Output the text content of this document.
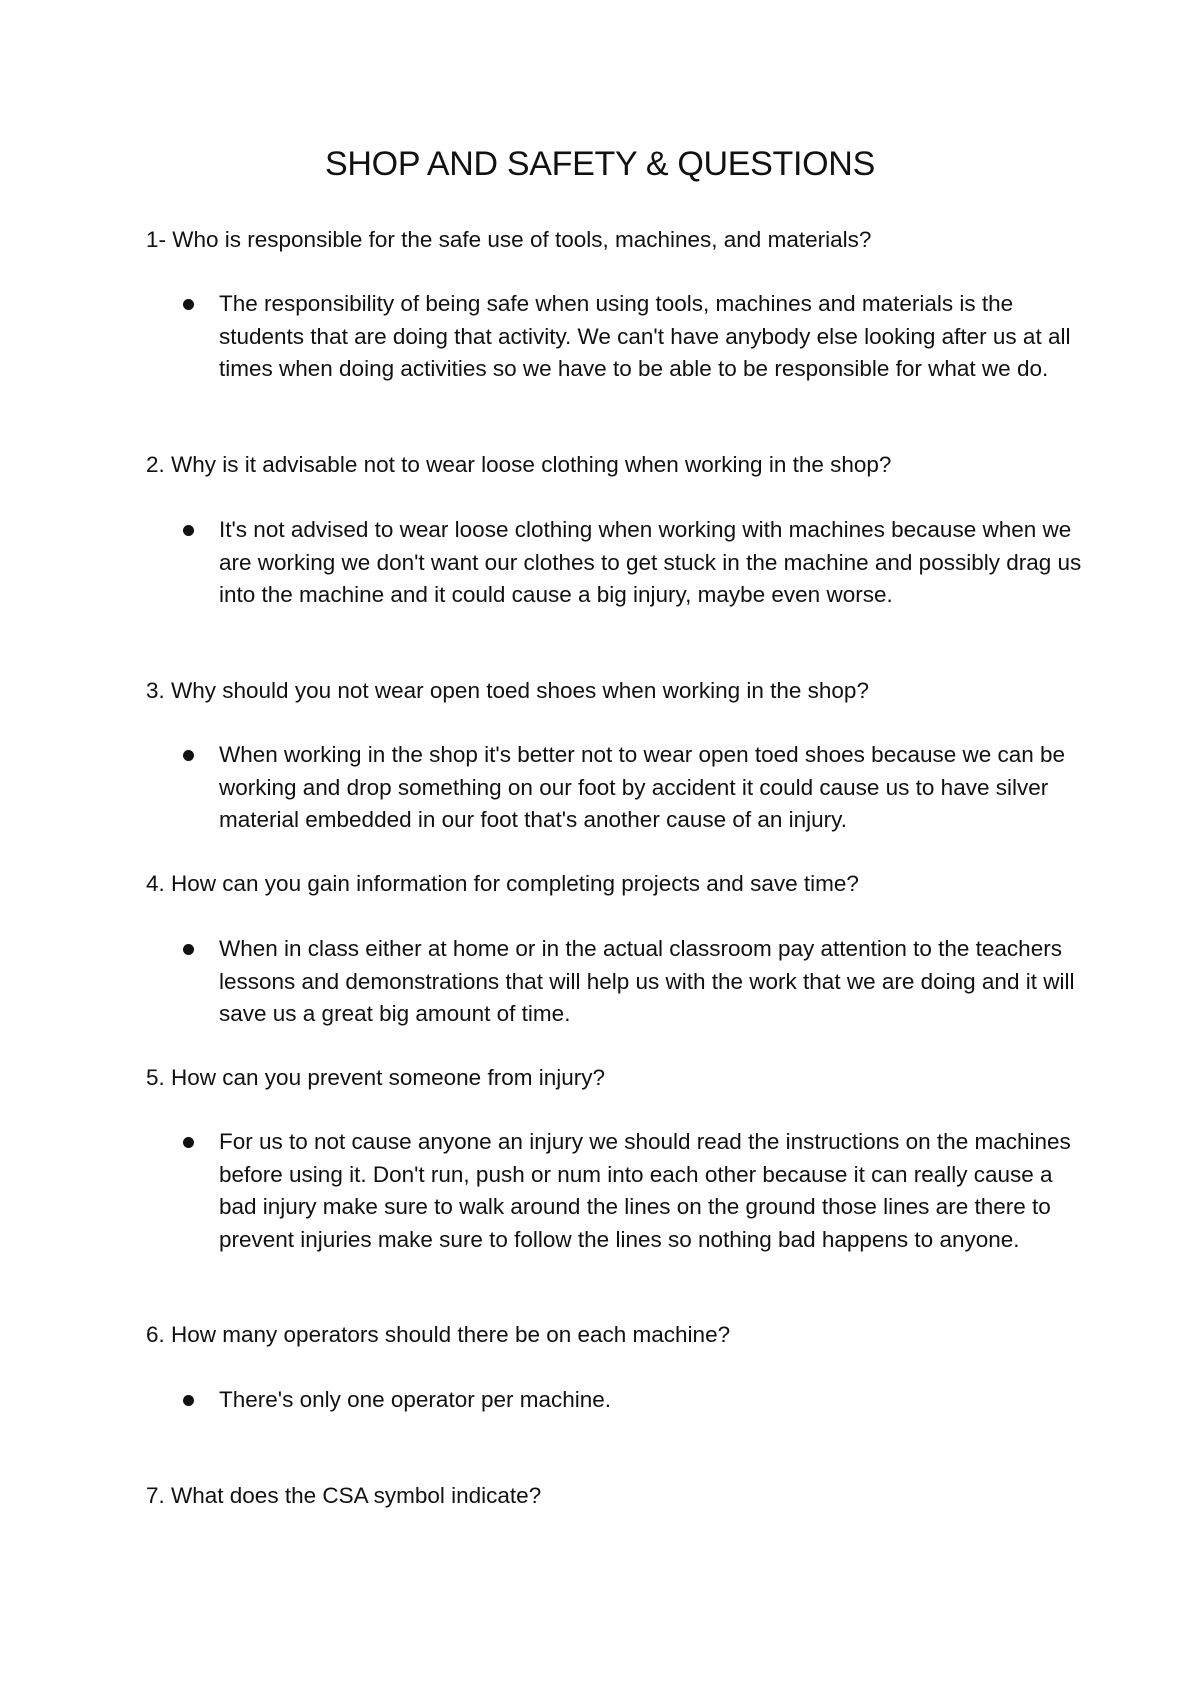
SHOP AND SAFETY & QUESTIONS

1- Who is responsible for the safe use of tools, machines, and materials?

The responsibility of being safe when using tools, machines and materials is the students that are doing that activity. We can't have anybody else looking after us at all times when doing activities so we have to be able to be responsible for what we do.

2. Why is it advisable not to wear loose clothing when working in the shop?

It's not advised to wear loose clothing when working with machines because when we are working we don't want our clothes to get stuck in the machine and possibly drag us into the machine and it could cause a big injury, maybe even worse.

3. Why should you not wear open toed shoes when working in the shop?

When working in the shop it's better not to wear open toed shoes because we can be working and drop something on our foot by accident it could cause us to have silver material embedded in our foot that's another cause of an injury.

4. How can you gain information for completing projects and save time?

When in class either at home or in the actual classroom pay attention to the teachers lessons and demonstrations that will help us with the work that we are doing and it will save us a great big amount of time.

5. How can you prevent someone from injury?

For us to not cause anyone an injury we should read the instructions on the machines before using it. Don't run, push or num into each other because it can really cause a bad injury make sure to walk around the lines on the ground those lines are there to prevent injuries make sure to follow the lines so nothing bad happens to anyone.

6. How many operators should there be on each machine?

There's only one operator per machine.

7. What does the CSA symbol indicate?
